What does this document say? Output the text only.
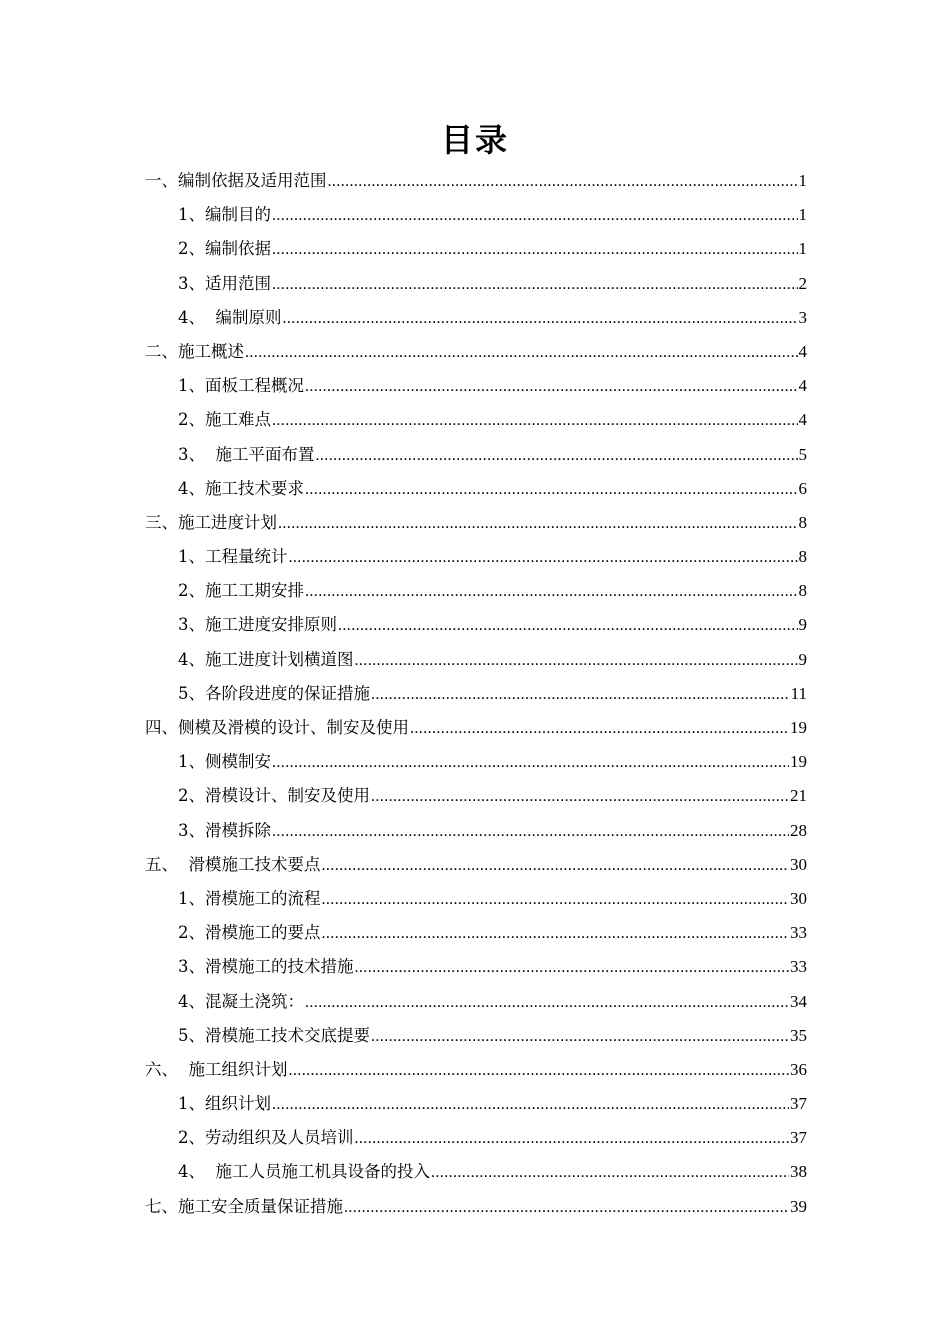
目录
一、编制依据及适用范围 .....	1
1、编制目的 .....	1
2、编制依据 .....	1
3、适用范围 .....	2
4、  编制原则 .....	3
二、施工概述 .....	4
1、面板工程概况 .....	4
2、施工难点 .....	4
3、  施工平面布置 .....	5
4、施工技术要求 .....	6
三、施工进度计划 .....	8
1、工程量统计 .....	8
2、施工工期安排 .....	8
3、施工进度安排原则 .....	9
4、施工进度计划横道图 .....	9
5、各阶段进度的保证措施 .....	11
四、侧模及滑模的设计、制安及使用 .....	19
1、侧模制安 .....	19
2、滑模设计、制安及使用 .....	21
3、滑模拆除 .....	28
五、  滑模施工技术要点 .....	30
1、滑模施工的流程 .....	30
2、滑模施工的要点 .....	33
3、滑模施工的技术措施 .....	33
4、混凝土浇筑： .....	34
5、滑模施工技术交底提要 .....	35
六、  施工组织计划 .....	36
1、组织计划 .....	37
2、劳动组织及人员培训 .....	37
4、  施工人员施工机具设备的投入 .....	38
七、施工安全质量保证措施 .....	39
